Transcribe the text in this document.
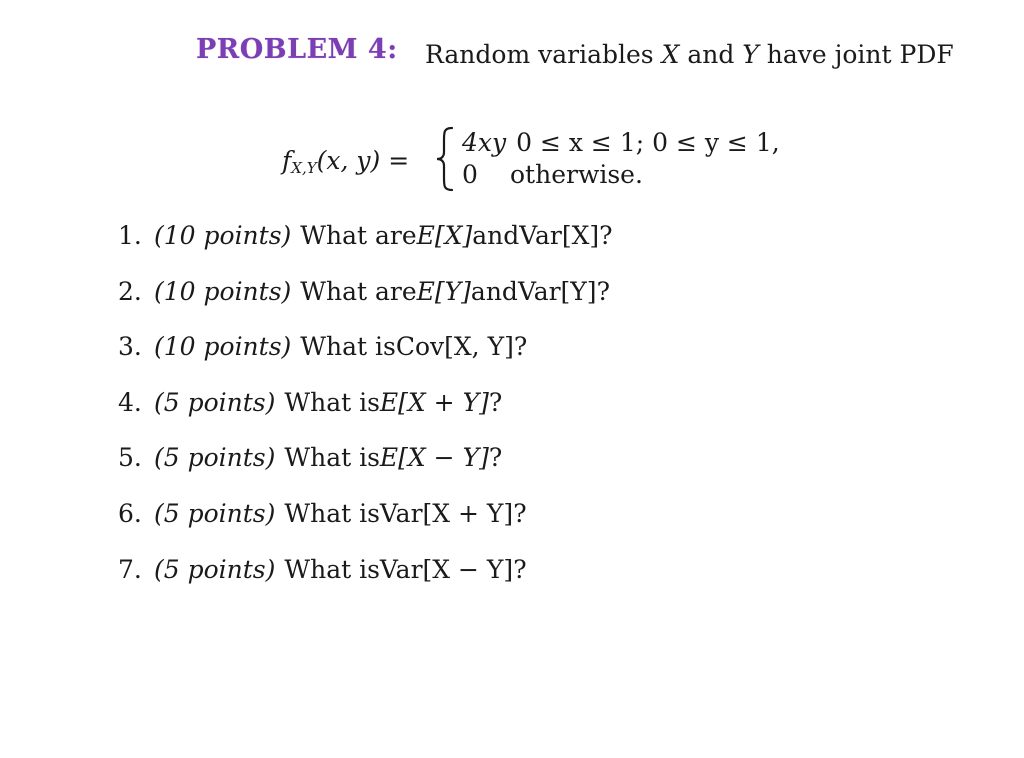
PROBLEM 4: Random variables X and Y have joint PDF
$f_{X,Y}(x$, y) =
4xy 0 ≤ x ≤ 1; 0 ≤ y ≤ 1,
0 otherwise.
1. (10 points) What are E[X] and Var[X] ?
2. (10 points) What are E[Y] and Var[Y] ?
3. (10 points) What is Cov[X, Y] ?
4. (5 points) What is E[X + Y] ?
5. (5 points) What is E[X − Y] ?
6. (5 points) What is Var[X + Y] ?
7. (5 points) What is Var[X − Y] ?
